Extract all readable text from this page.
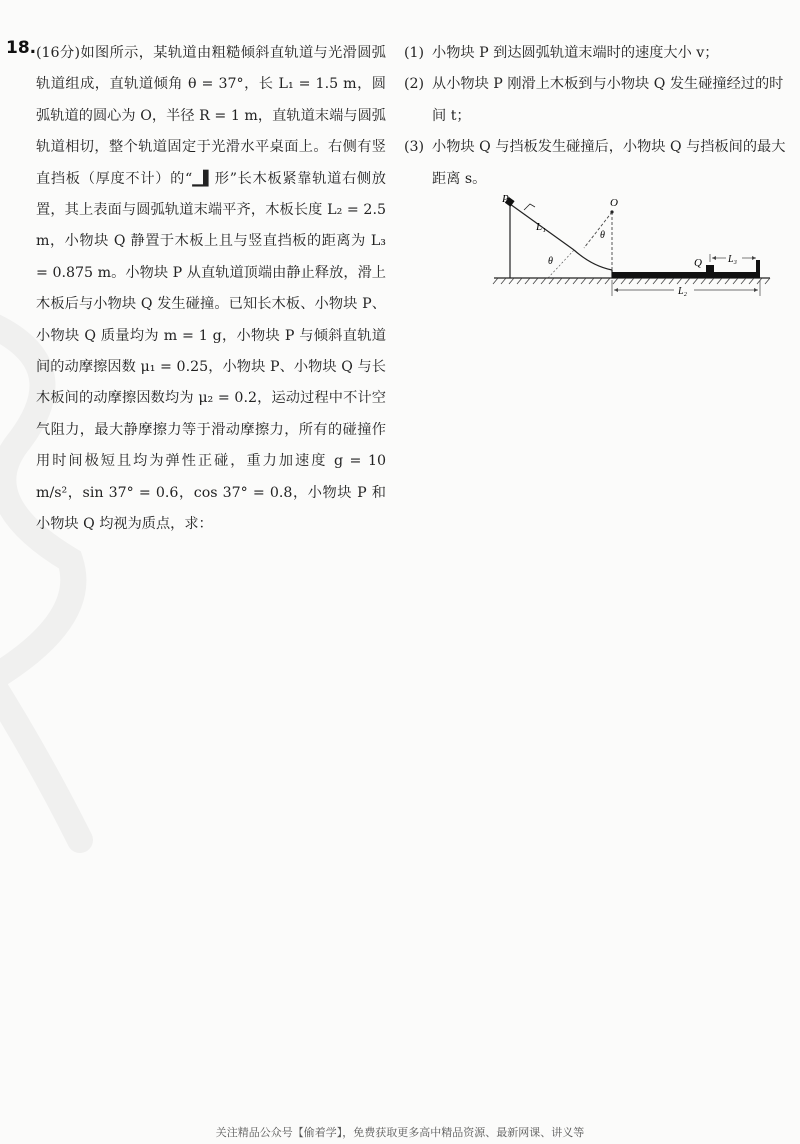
18. (16分)如图所示，某轨道由粗糙倾斜直轨道与光滑圆弧轨道组成，直轨道倾角 θ = 37°，长 L₁ = 1.5 m，圆弧轨道的圆心为 O，半径 R = 1 m，直轨道末端与圆弧轨道相切，整个轨道固定于光滑水平桌面上。右侧有竖直挡板（厚度不计）的“▁▌形”长木板紧靠轨道右侧放置，其上表面与圆弧轨道末端平齐，木板长度 L₂ = 2.5 m，小物块 Q 静置于木板上且与竖直挡板的距离为 L₃ = 0.875 m。小物块 P 从直轨道顶端由静止释放，滑上木板后与小物块 Q 发生碰撞。已知长木板、小物块 P、小物块 Q 质量均为 m = 1 g，小物块 P 与倾斜直轨道间的动摩擦因数 μ₁ = 0.25，小物块 P、小物块 Q 与长木板间的动摩擦因数均为 μ₂ = 0.2，运动过程中不计空气阻力，最大静摩擦力等于滑动摩擦力，所有的碰撞作用时间极短且均为弹性正碰，重力加速度 g = 10 m/s²，sin 37° = 0.6，cos 37° = 0.8，小物块 P 和小物块 Q 均视为质点，求：

(1) 小物块 P 到达圆弧轨道末端时的速度大小 v；
(2) 从小物块 P 刚滑上木板到与小物块 Q 发生碰撞经过的时间 t；
(3) 小物块 Q 与挡板发生碰撞后，小物块 Q 与挡板间的最大距离 s。
P	O
L₁
θ
θ
Q	L₃
L₂
关注精品公众号【偷着学】，免费获取更多高中精品资源、最新网课、讲义等
